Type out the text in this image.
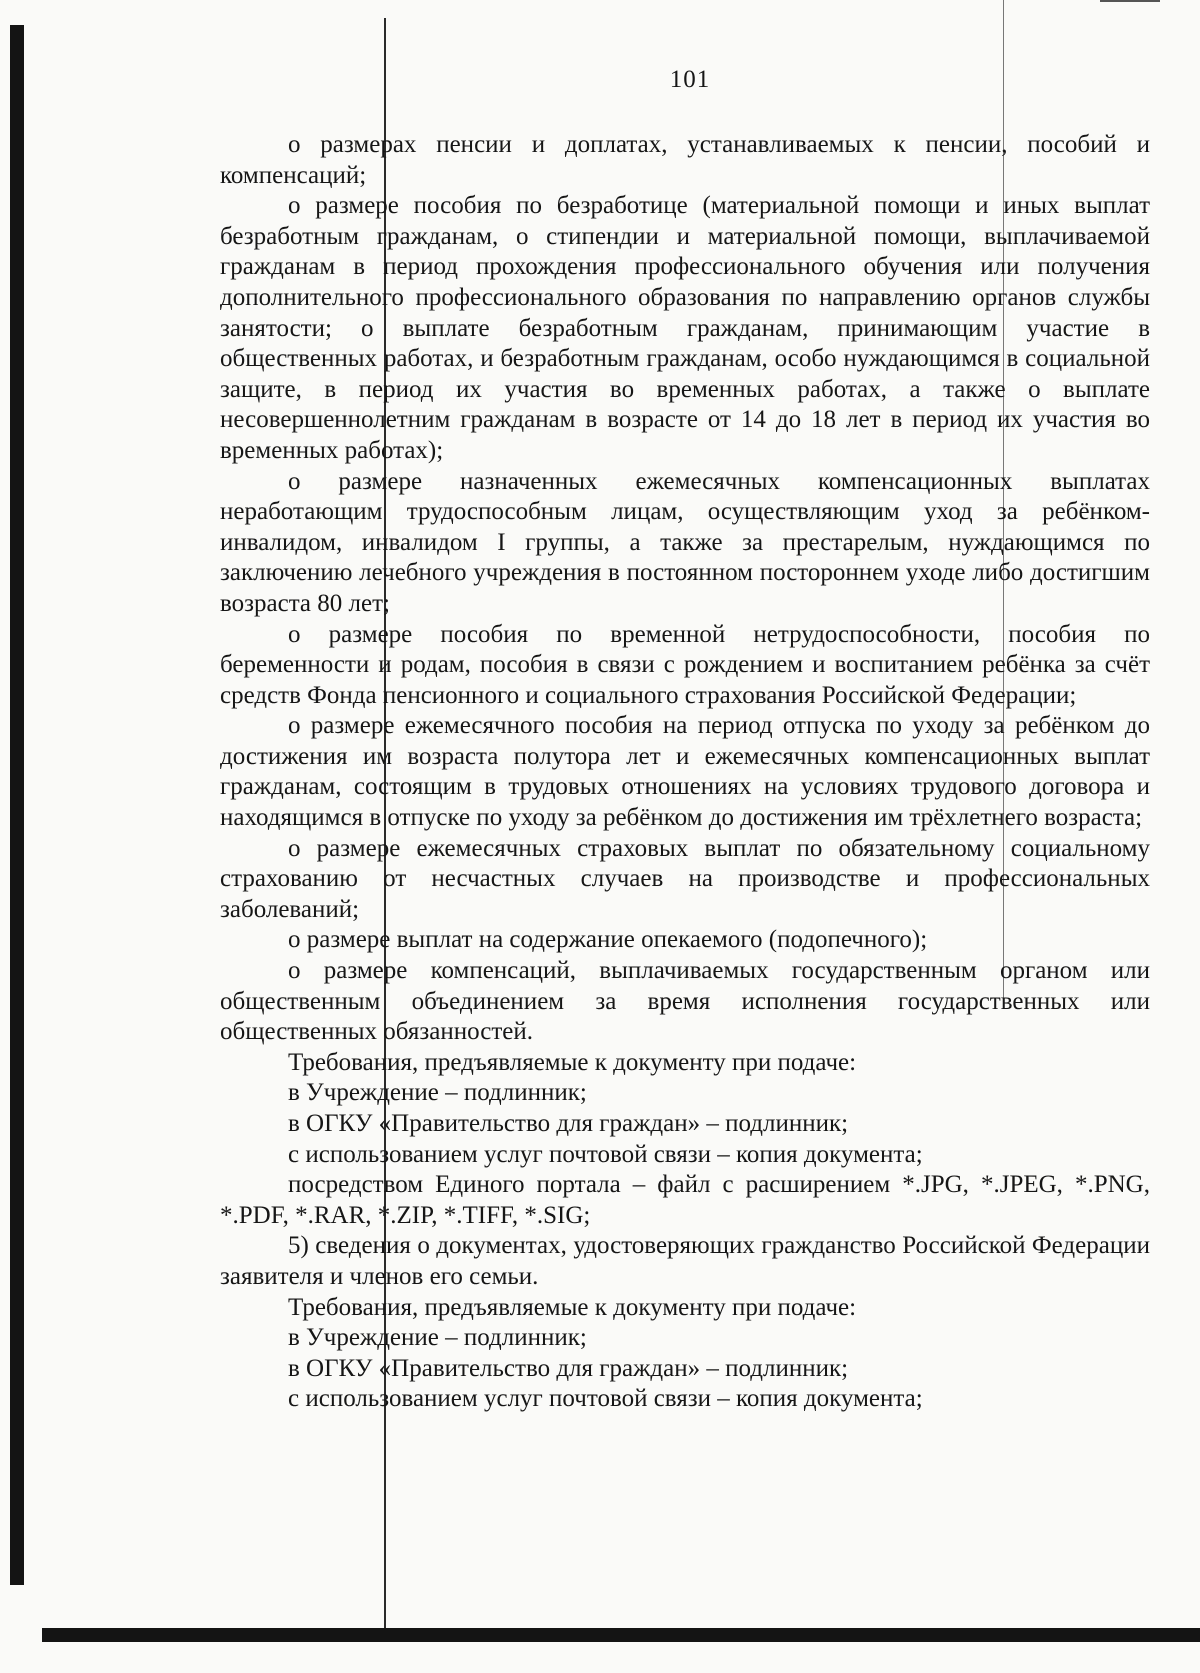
101

о размерах пенсии и доплатах, устанавливаемых к пенсии, пособий и компенсаций;

о размере пособия по безработице (материальной помощи и иных выплат безработным гражданам, о стипендии и материальной помощи, выплачиваемой гражданам в период прохождения профессионального обучения или получения дополнительного профессионального образования по направлению органов службы занятости; о выплате безработным гражданам, принимающим участие в общественных работах, и безработным гражданам, особо нуждающимся в социальной защите, в период их участия во временных работах, а также о выплате несовершеннолетним гражданам в возрасте от 14 до 18 лет в период их участия во временных работах);

о размере назначенных ежемесячных компенсационных выплатах неработающим трудоспособным лицам, осуществляющим уход за ребёнком-инвалидом, инвалидом I группы, а также за престарелым, нуждающимся по заключению лечебного учреждения в постоянном постороннем уходе либо достигшим возраста 80 лет;

о размере пособия по временной нетрудоспособности, пособия по беременности и родам, пособия в связи с рождением и воспитанием ребёнка за счёт средств Фонда пенсионного и социального страхования Российской Федерации;

о размере ежемесячного пособия на период отпуска по уходу за ребёнком до достижения им возраста полутора лет и ежемесячных компенсационных выплат гражданам, состоящим в трудовых отношениях на условиях трудового договора и находящимся в отпуске по уходу за ребёнком до достижения им трёхлетнего возраста;

о размере ежемесячных страховых выплат по обязательному социальному страхованию от несчастных случаев на производстве и профессиональных заболеваний;

о размере выплат на содержание опекаемого (подопечного);

о размере компенсаций, выплачиваемых государственным органом или общественным объединением за время исполнения государственных или общественных обязанностей.

Требования, предъявляемые к документу при подаче:

в Учреждение – подлинник;

в ОГКУ «Правительство для граждан» – подлинник;

с использованием услуг почтовой связи – копия документа;

посредством Единого портала – файл с расширением *.JPG, *.JPEG, *.PNG, *.PDF, *.RAR, *.ZIP, *.TIFF, *.SIG;

5) сведения о документах, удостоверяющих гражданство Российской Федерации заявителя и членов его семьи.

Требования, предъявляемые к документу при подаче:

в Учреждение – подлинник;

в ОГКУ «Правительство для граждан» – подлинник;

с использованием услуг почтовой связи – копия документа;
